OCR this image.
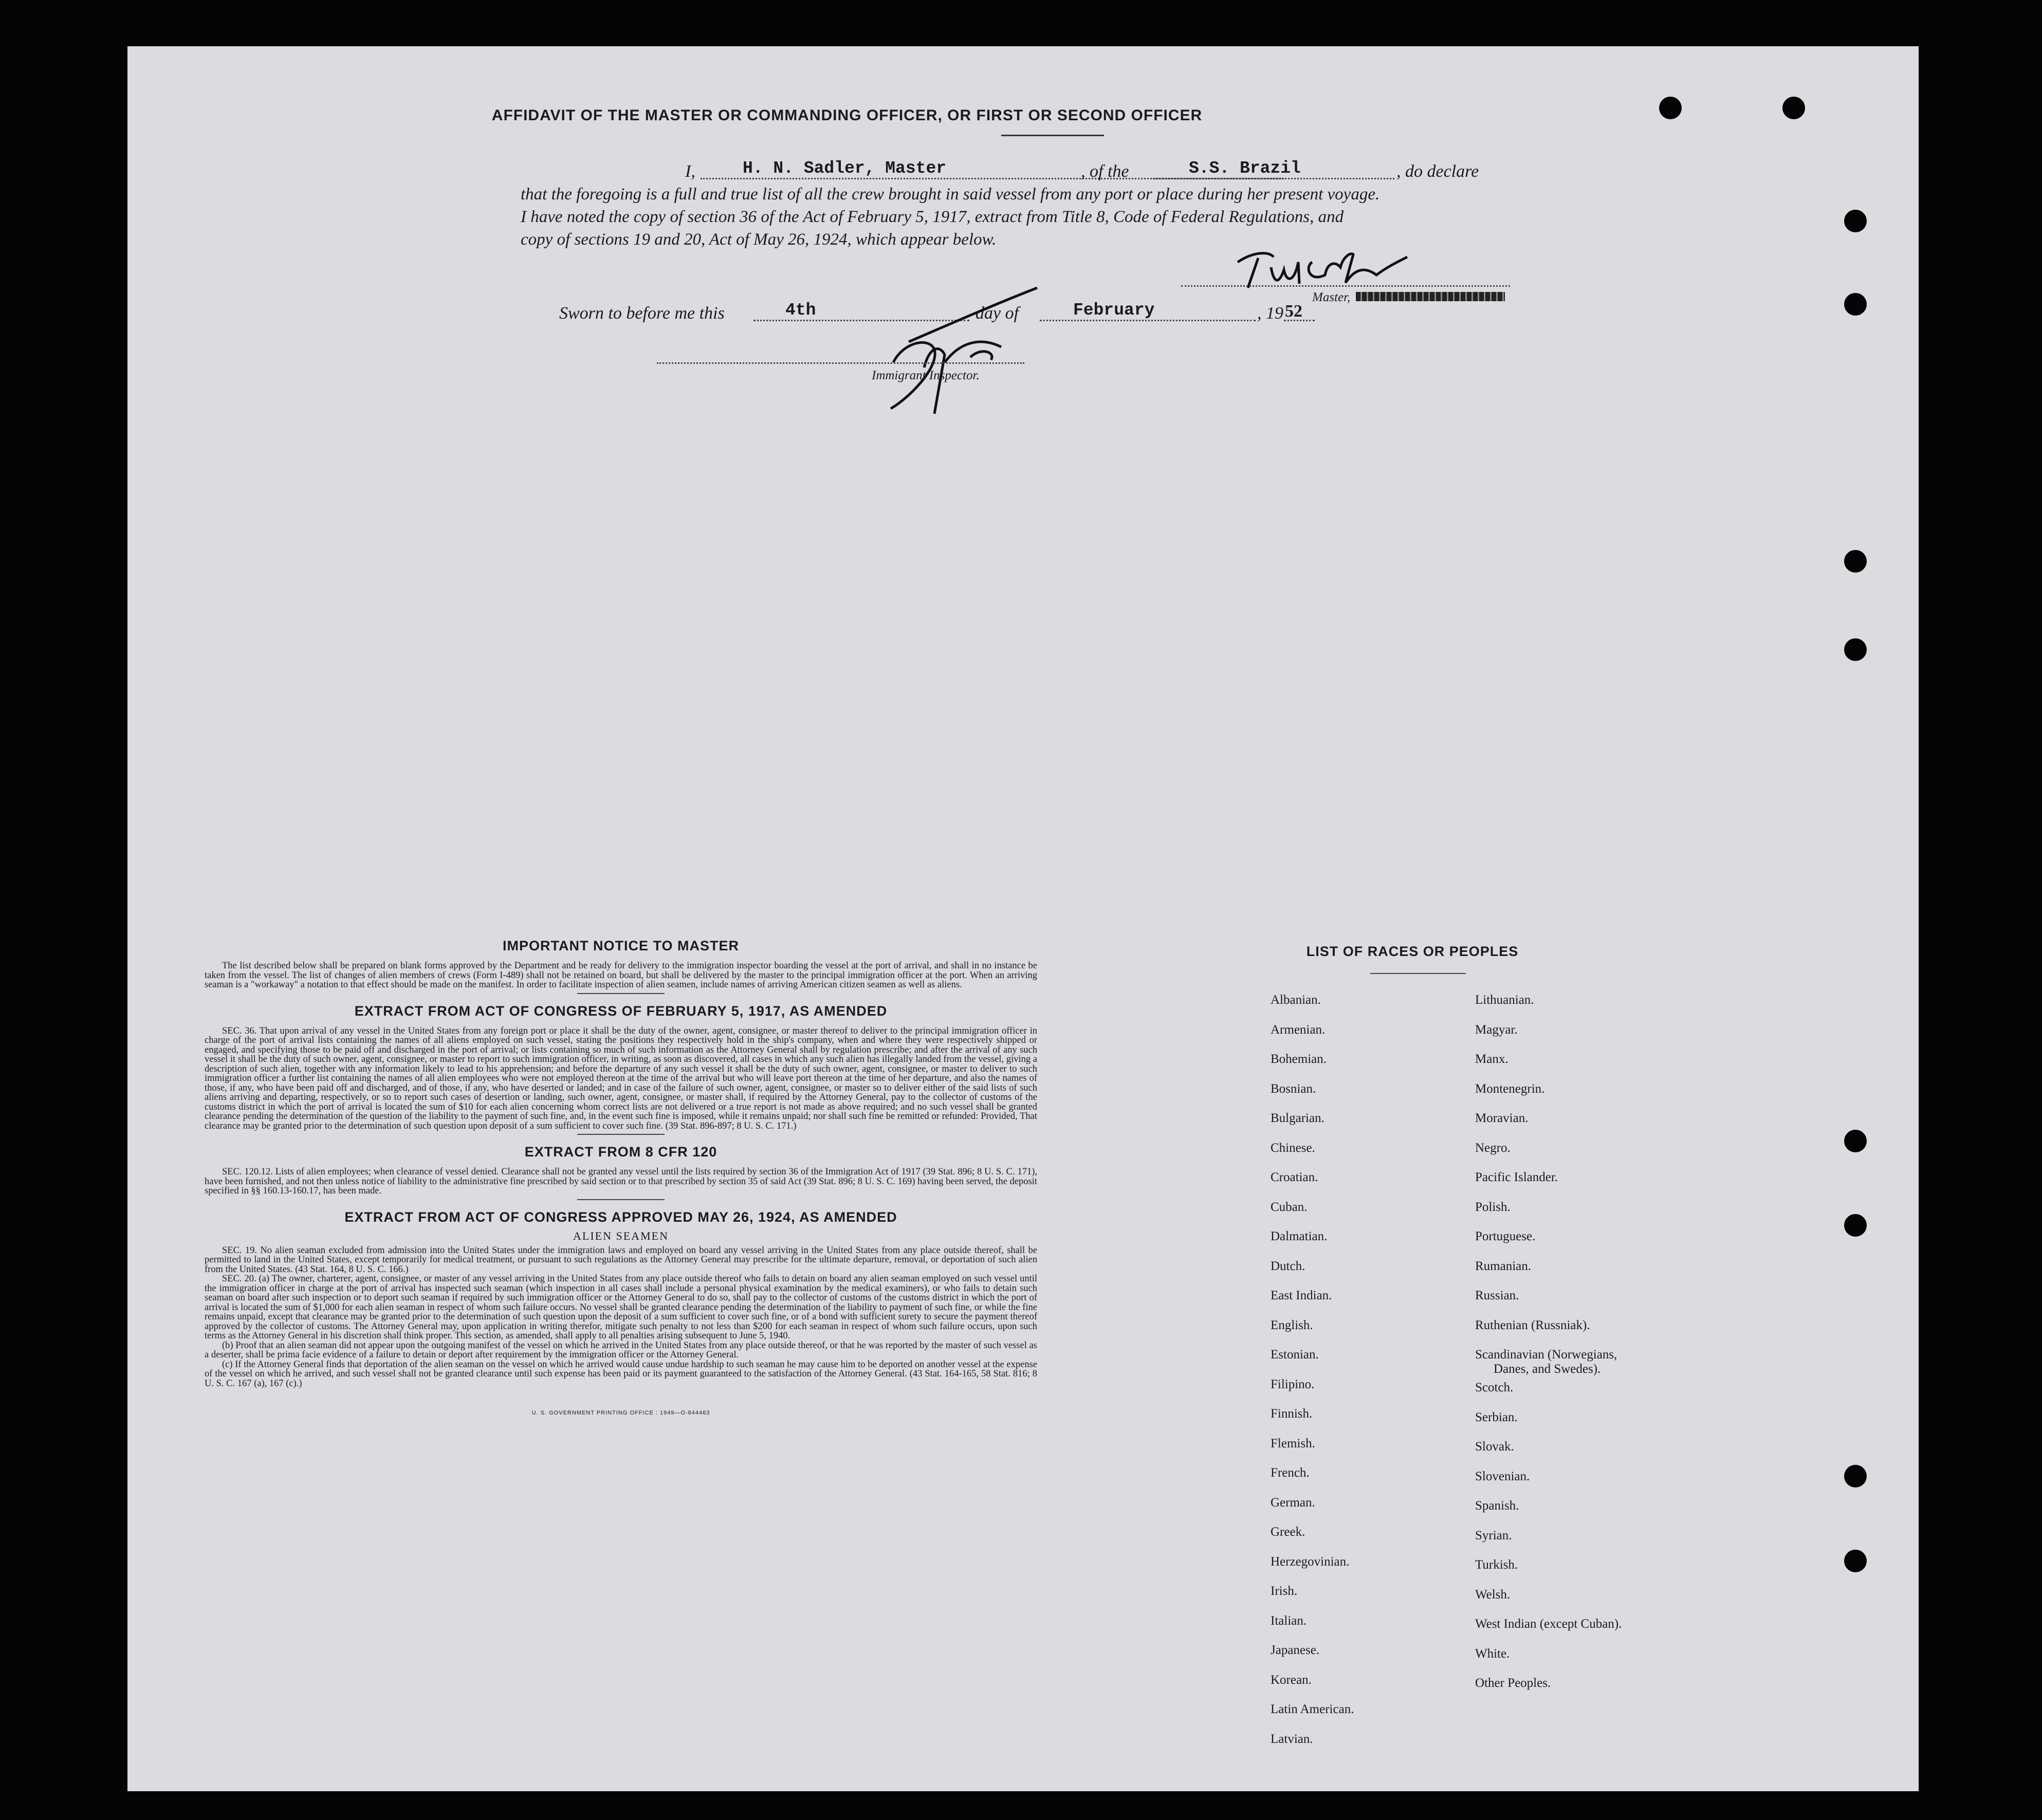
AFFIDAVIT OF THE MASTER OR COMMANDING OFFICER, OR FIRST OR SECOND OFFICER
I,	H. N. Sadler, Master	, of the	S.S. Brazil	, do declare
that the foregoing is a full and true list of all the crew brought in said vessel from any port or place during her present voyage.
I have noted the copy of section 36 of the Act of February 5, 1917, extract from Title 8, Code of Federal Regulations, and
copy of sections 19 and 20, Act of May 26, 1924, which appear below.
Master,
Sworn to before me this	4th	day of	February	, 19 52
Immigrant Inspector.
IMPORTANT NOTICE TO MASTER

The list described below shall be prepared on blank forms approved by the Department and be ready for delivery to the immigration inspector boarding the vessel at the port of arrival, and shall in no instance be taken from the vessel. The list of changes of alien members of crews (Form I-489) shall not be retained on board, but shall be delivered by the master to the principal immigration officer at the port. When an arriving seaman is a "workaway" a notation to that effect should be made on the manifest. In order to facilitate inspection of alien seamen, include names of arriving American citizen seamen as well as aliens.

EXTRACT FROM ACT OF CONGRESS OF FEBRUARY 5, 1917, AS AMENDED

SEC. 36. That upon arrival of any vessel in the United States from any foreign port or place it shall be the duty of the owner, agent, consignee, or master thereof to deliver to the principal immigration officer in charge of the port of arrival lists containing the names of all aliens employed on such vessel, stating the positions they respectively hold in the ship's company, when and where they were respectively shipped or engaged, and specifying those to be paid off and discharged in the port of arrival; or lists containing so much of such information as the Attorney General shall by regulation prescribe; and after the arrival of any such vessel it shall be the duty of such owner, agent, consignee, or master to report to such immigration officer, in writing, as soon as discovered, all cases in which any such alien has illegally landed from the vessel, giving a description of such alien, together with any information likely to lead to his apprehension; and before the departure of any such vessel it shall be the duty of such owner, agent, consignee, or master to deliver to such immigration officer a further list containing the names of all alien employees who were not employed thereon at the time of the arrival but who will leave port thereon at the time of her departure, and also the names of those, if any, who have been paid off and discharged, and of those, if any, who have deserted or landed; and in case of the failure of such owner, agent, consignee, or master so to deliver either of the said lists of such aliens arriving and departing, respectively, or so to report such cases of desertion or landing, such owner, agent, consignee, or master shall, if required by the Attorney General, pay to the collector of customs of the customs district in which the port of arrival is located the sum of $10 for each alien concerning whom correct lists are not delivered or a true report is not made as above required; and no such vessel shall be granted clearance pending the determination of the question of the liability to the payment of such fine, and, in the event such fine is imposed, while it remains unpaid; nor shall such fine be remitted or refunded: Provided, That clearance may be granted prior to the determination of such question upon deposit of a sum sufficient to cover such fine. (39 Stat. 896-897; 8 U. S. C. 171.)

EXTRACT FROM 8 CFR 120

SEC. 120.12. Lists of alien employees; when clearance of vessel denied. Clearance shall not be granted any vessel until the lists required by section 36 of the Immigration Act of 1917 (39 Stat. 896; 8 U. S. C. 171), have been furnished, and not then unless notice of liability to the administrative fine prescribed by said section or to that prescribed by section 35 of said Act (39 Stat. 896; 8 U. S. C. 169) having been served, the deposit specified in §§ 160.13-160.17, has been made.

EXTRACT FROM ACT OF CONGRESS APPROVED MAY 26, 1924, AS AMENDED
ALIEN SEAMEN

SEC. 19. No alien seaman excluded from admission into the United States under the immigration laws and employed on board any vessel arriving in the United States from any place outside thereof, shall be permitted to land in the United States, except temporarily for medical treatment, or pursuant to such regulations as the Attorney General may prescribe for the ultimate departure, removal, or deportation of such alien from the United States. (43 Stat. 164, 8 U. S. C. 166.)

SEC. 20. (a) The owner, charterer, agent, consignee, or master of any vessel arriving in the United States from any place outside thereof who fails to detain on board any alien seaman employed on such vessel until the immigration officer in charge at the port of arrival has inspected such seaman (which inspection in all cases shall include a personal physical examination by the medical examiners), or who fails to detain such seaman on board after such inspection or to deport such seaman if required by such immigration officer or the Attorney General to do so, shall pay to the collector of customs of the customs district in which the port of arrival is located the sum of $1,000 for each alien seaman in respect of whom such failure occurs. No vessel shall be granted clearance pending the determination of the liability to payment of such fine, or while the fine remains unpaid, except that clearance may be granted prior to the determination of such question upon the deposit of a sum sufficient to cover such fine, or of a bond with sufficient surety to secure the payment thereof approved by the collector of customs. The Attorney General may, upon application in writing therefor, mitigate such penalty to not less than $200 for each seaman in respect of whom such failure occurs, upon such terms as the Attorney General in his discretion shall think proper. This section, as amended, shall apply to all penalties arising subsequent to June 5, 1940.

(b) Proof that an alien seaman did not appear upon the outgoing manifest of the vessel on which he arrived in the United States from any place outside thereof, or that he was reported by the master of such vessel as a deserter, shall be prima facie evidence of a failure to detain or deport after requirement by the immigration officer or the Attorney General.

(c) If the Attorney General finds that deportation of the alien seaman on the vessel on which he arrived would cause undue hardship to such seaman he may cause him to be deported on another vessel at the expense of the vessel on which he arrived, and such vessel shall not be granted clearance until such expense has been paid or its payment guaranteed to the satisfaction of the Attorney General. (43 Stat. 164-165, 58 Stat. 816; 8 U. S. C. 167 (a), 167 (c).)

U. S. GOVERNMENT PRINTING OFFICE : 1949—O-844463
LIST OF RACES OR PEOPLES
Albanian.
Armenian.
Bohemian.
Bosnian.
Bulgarian.
Chinese.
Croatian.
Cuban.
Dalmatian.
Dutch.
East Indian.
English.
Estonian.
Filipino.
Finnish.
Flemish.
French.
German.
Greek.
Herzegovinian.
Irish.
Italian.
Japanese.
Korean.
Latin American.
Latvian.
Lithuanian.
Magyar.
Manx.
Montenegrin.
Moravian.
Negro.
Pacific Islander.
Polish.
Portuguese.
Rumanian.
Russian.
Ruthenian (Russniak).
Scandinavian (Norwegians,
Danes, and Swedes).
Scotch.
Serbian.
Slovak.
Slovenian.
Spanish.
Syrian.
Turkish.
Welsh.
West Indian (except Cuban).
White.
Other Peoples.
